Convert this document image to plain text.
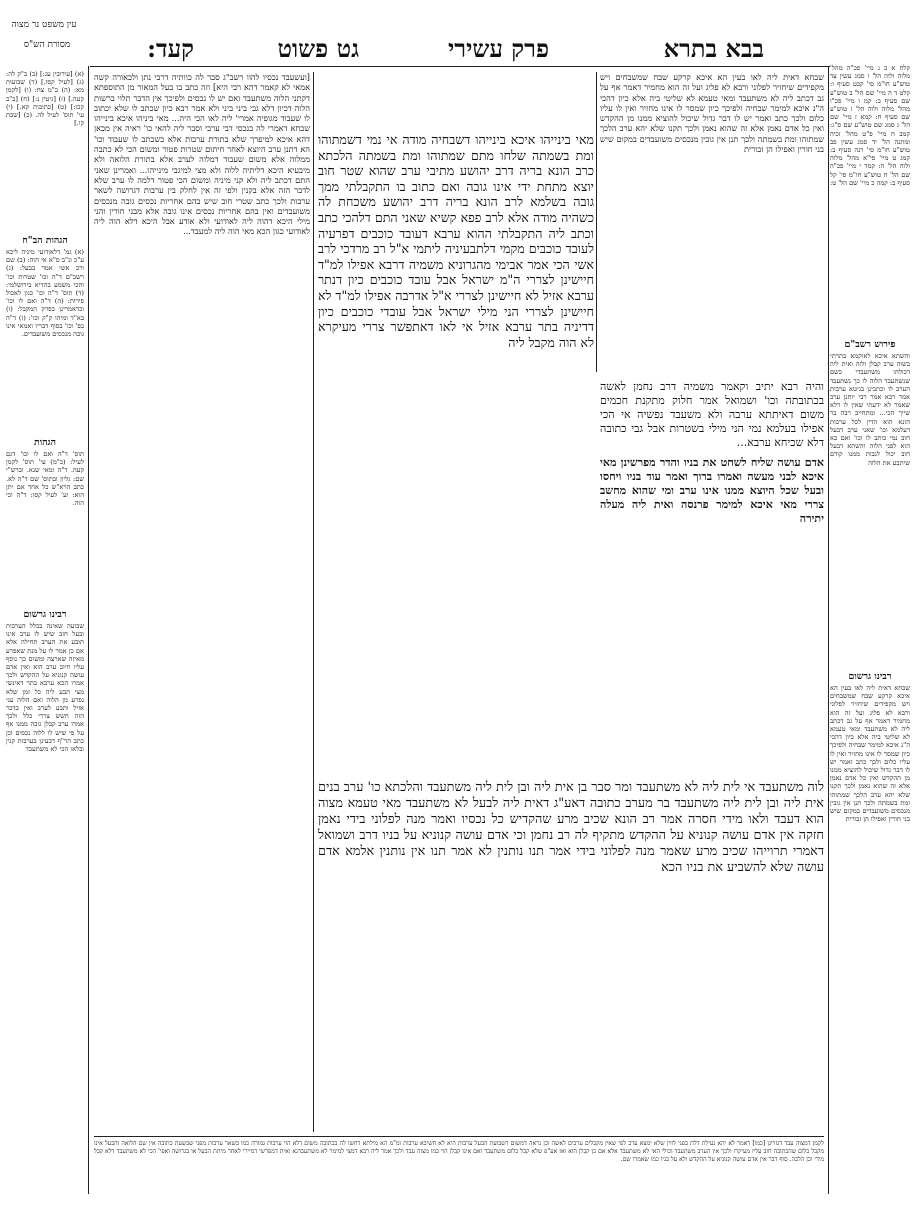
עין משפט נר מצוה
מסורת הש"ס	קעד:	גט פשוט	פרק עשירי	בבא בתרא
קלח א ב ג מיי' פכ"ה מהל' מלוה ולוה הל' ו סמג עשין צד טוש"ע חו"מ סי' קכט סעיף ו: קלט ד ה מיי' שם הל' ב טוש"ע שם סעיף ב: קמ ו מיי' פכ"ו מהל' מלוה ולוה הל' ז טוש"ע שם סעיף ח: קמא ז מיי' שם הל' ג סמג שם טוש"ע שם ס"ג: קמב ח מיי' פ"ט מהל' זכיה ומתנה הל' יד סמג עשין פב טוש"ע חו"מ סי' רנה סעיף ב: קמג ט מיי' פי"א מהל' מלוה ולוה הל' ה: קמד י מיי' פכ"ה שם הל' ח טוש"ע חו"מ סי' קל סעיף ב: קמה כ מיי' שם הל' ט:
פירוש רשב"ם
והשתא איכא לאוקמא בתרתי בשוה ערב קבלן ולוה ואית ליה דכולהו משתעבדי כשם שנשתעבד הלוה לו כך נשתעבד הערב לו וכתבינן בגיטא ערבות אמר רבא אמר רבי יוחנן ערב שאמר לא ידעתי שאין לו דלא שייך הכי... ומתחייב רבה בר הונא הוא הדין לכל ערבות דעלמא וכו' שאני ערב דבעל חוב נמי כותב לו וכו' ואם בא הוא לפני הלוה והשתא דבעל חוב יכול לגבות ממנו קודם שיתבע את הלוה
רבינו גרשום
שבחא דאית ליה לאו בעין הא איכא קרקע שבח שמשבחים ויש מקפידים שיחזיר לפלוני ורבא לא פליג ועל זה הוא מחמיר דאמר אף על גב דכתב ליה לא משתעבד ומאי טעמא לא שליטי ביה אלא כיון דהכי ה"נ איכא למימר שבחיה ולפיכך כיון שמסר לו אינו מחזיר ואין לו עליו כלום ולכך כתב ואמר יש לו דבר גדול שיכול להוציא ממנו מן ההקדש ואין כל אדם נאמן אלא זה שהוא נאמן ולכך תקנו שלא יהא ערב הלכך שמתוהו ומת בשמתה ולכך תנן אין גובין מנכסים משועבדים במקום שיש בני חורין ואפילו הן זבורית
(א) [עירובין עג:] (ב) ב"ק לה: (ג) [לעיל קסו.] (ד) שבועות מא: (ה) ב"מ צח: (ו) [לקמן קעה.] (ז) [גיטין נ:] (ח) [ב"ב קכו:] (ט) [כתובות קא.] (י) עי' תוס' לעיל לה. (כ) [שבת קו.]
הגהות הב"ח
(א) גמ' דלאודועי מיניה ליכא ע"כ ונ"ב ס"א אי הוה: (ב) שם ורב אשי אמר בבעל: (ג) רשב"ם ד"ה וכו' שטרות וכו' והכי משמע בהדיא בירושלמי: (ד) תוס' ד"ה וכו' כגון לאכול פירות: (ה) ד"ה ואם לו וכו' וכדאמרינן בפרק המקבל: (ו) בא"ד ומיהו ק"ק וכו': (ז) ד"ה בפ' וכו' בסוף דבריו ואמאי אינו גובה מנכסים משועבדים.
הגהות
תוס' ד"ה ואם לו וכו' דגם לעיל: (כ"מ) עי' תוס' לקמן קעה. ד"ה ומאי שנא. וברש"י שם: גליון ובתוס' שם ד"ה לא. כתב הרא"ש כל אחד אם יתן הוא: וע' לעיל קסו: ד"ה וכי הוה.
רבינו גרשום
שבועה שאינה בכלל הערבות ובעל חוב שיש לו ערב אינו תובע את הערב תחילה אלא אם כן אמר לו על מנת שאפרע מאיזה שארצה ומשום כך נוסף עליו חיוב ערב הוא ואין אדם עושה קנוניא על ההקדש ולכך אמרו הכא ערבא בתר דאינשי מצי תבע ליה כל זמן שלא נפרע מן הלוה ואם הלוה עני אזיל ותבע לערב ואין בדבר הזה חשש צררי כלל ולכך אמרו ערב קבלן גובה ממנו אף על פי שיש לו ללוה נכסים וכן כתב הר"ף דבעינן בערבות קנין ובלאו הכי לא משתעבד
[ועשעבד נכסיו להוו רשב"ג סבר לה כוותיה דרבי נתן ולכאורה קשה אמאי לא קאמר דהא רבי היא] וזה כתב בו בעל המאור מן התוספתא דקתני הלוה משתעבד ואם יש לו נכסים ולפיכך אין הדבר תלוי ברשות הלוה דכיון דלא גבי ביני ביני ולא אמר רבא כיון שכתב לו שלא יכתוב לו שעבוד מגופיה אמרי' ליה לאו הכי היה... מאי ביניהו איכא בינייהו שבחא דאמרי לה בנכסי דבי ערבי וסבר ליה להאי כו' ראיה אין מכאן דהא איכא למיפרך שלא בתורת ערבות אלא כשכתב לו שעבוד וכו' הא דתנן ערב היוצא לאחר חיתום שטרות פטור ומשום הכי לא כתבה ממלוה אלא משום שעבוד דמלוה לערב אלא בתורת הלואה ולא מיבעיא היכא דליתיה ללוה ולא מצי למיגבי מינייהו... ואמרינן שאני התם דכתב ליה ולא קני מיניה ומשום הכי פטור דלמה לו ערב שלא לדבר הזה אלא בקנין ולפי זה אין לחלק בין ערבות דגרושה לשאר ערבות ולכך כתב שטרי חוב שיש בהם אחריות נכסים גובה מנכסים משועבדים ואין בהם אחריות נכסים אינו גובה אלא מבני חורין והני מילי היכא דהוה ליה לאודועי ולא אודע אבל היכא דלא הוה ליה לאודועי כגון הכא מאי הוה ליה למעבד...
שבחא דאית ליה לאו בעין הא איכא קרקע שבח שמשבחים ויש מקפידים שיחזיר לפלוני ורבא לא פליג ועל זה הוא מחמיר דאמר אף על גב דכתב ליה לא משתעבד ומאי טעמא לא שליטי ביה אלא כיון דהכי ה"נ איכא למימר שבחיה ולפיכך כיון שמסר לו אינו מחזיר ואין לו עליו כלום ולכך כתב ואמר יש לו דבר גדול שיכול להוציא ממנו מן ההקדש ואין כל אדם נאמן אלא זה שהוא נאמן ולכך תקנו שלא יהא ערב הלכך שמתוהו ומת בשמתה ולכך תנן אין גובין מנכסים משועבדים במקום שיש בני חורין ואפילו הן זבורית
מאי בינייהו איכא בינייהו דשבחיה מודה אי נמי דשמתוהו ומת בשמתה שלחו מתם שמתוהו ומת בשמתה הלכתא כרב הונא בריה דרב יהושע מתיבי ערב שהוא שטר חוב יוצא מתחת ידי אינו גובה ואם כתוב בו התקבלתי ממך גובה בשלמא לרב הונא בריה דרב יהושע משכחת לה כשהיה מודה אלא לרב פפא קשיא שאני התם דלהכי כתב וכתב ליה התקבלתי ההוא ערבא דעובד כוכבים דפרעיה לעובד כוכבים מקמי דלתבעיניה ליתמי א"ל רב מרדכי לרב אשי הכי אמר אבימי מהגרוניא משמיה דרבא אפילו למ"ד חיישינן לצררי ה"מ ישראל אבל עובד כוכבים כיון דנתר ערבא אזיל לא חיישינן לצררי א"ל אדרבה אפילו למ"ד לא חיישינן לצררי הני מילי ישראל אבל עובדי כוכבים כיון דדיניה בתר ערבא אזיל אי לאו דאתפשר צררי מעיקרא לא הוה מקבל ליה
והיה רבא יתיב וקאמר משמיה דרב נחמן לאשה בכתובתה וכו' ושמואל אמר חלוק מתקנת חכמים משום דאיתתא ערבה ולא משעבד נפשיה אי הכי אפילו בעלמא נמי הני מילי בשטרות אבל גבי כתובה דלא שכיחא ערבא...
אדם עושה שליח לשחט את בניו והדר מפרשינן מאי איכא לבני מעשה ואמרו ברוך ואמר עוד בניו ויחסו ובעל שכל היוצא ממנו אינו ערב ומי שהוא מחשב צררי מאי איכא למימר פרנסה ואית ליה מעלה יתירה
לוה משתעבד אי לית ליה לא משתעבד ומר סבר בן אית ליה ובן לית ליה משתעבד והלכתא כו' ערב בנים אית ליה ובן לית ליה משתעבד בר מערב כתובה דאע"ג דאית ליה לבעל לא משתעבד מאי טעמא מצוה הוא דעבד ולאו מידי חסרה אמר רב הונא שכיב מרע שהקדיש כל נכסיו ואמר מנה לפלוני בידי נאמן חזקה אין אדם עושה קנוניא על ההקדש מתקיף לה רב נחמן וכי אדם עושה קנוניא על בניו דרב ושמואל דאמרי תרוייהו שכיב מרע שאמר מנה לפלוני בידי אמר תנו נותנין לא אמר תנו אין נותנין אלמא אדם עושה שלא להשביע את בניו הכא
לקמן דמצוה עבד דגזרינן [כמו] דאמר לא יהא נעילת דלת בפני לווין שלא ימצא ערב לפי שאין מקבלים ערבים לאשה וכן נראה דמשום דשבועת הבעל ערבות היא לא חשיבא ערבות ומ"מ הא מילתא דחשו לה בכתובה משום דלא הוי ערבות גמורה כמו בשאר ערבות מפני שבשעת כתובה אין שם הלואה והבעל אינו מקבל כלום שהכתובה חוב עליו מעיקרו ולכך אין הערב משתעבד וכולי האי לא משתעבד אלא אם כן קבלן הוא ואז אע"פ שלא קבל כלום משתעבד ואם אינו קבלן הוי כמו מצוה עבד ולכך אמר ליה רבא דמצי למימר לא משתעבדנא ואית דמפרשי דמיירי לאחר מיתת הבעל או בגרושה ואפי' הכי לא משתעבד דלא קבל מידי וכן הלכה. סוף דבר אין אדם עושה קנוניא על ההקדש ולא על בניו כמו שאמרו שם.
